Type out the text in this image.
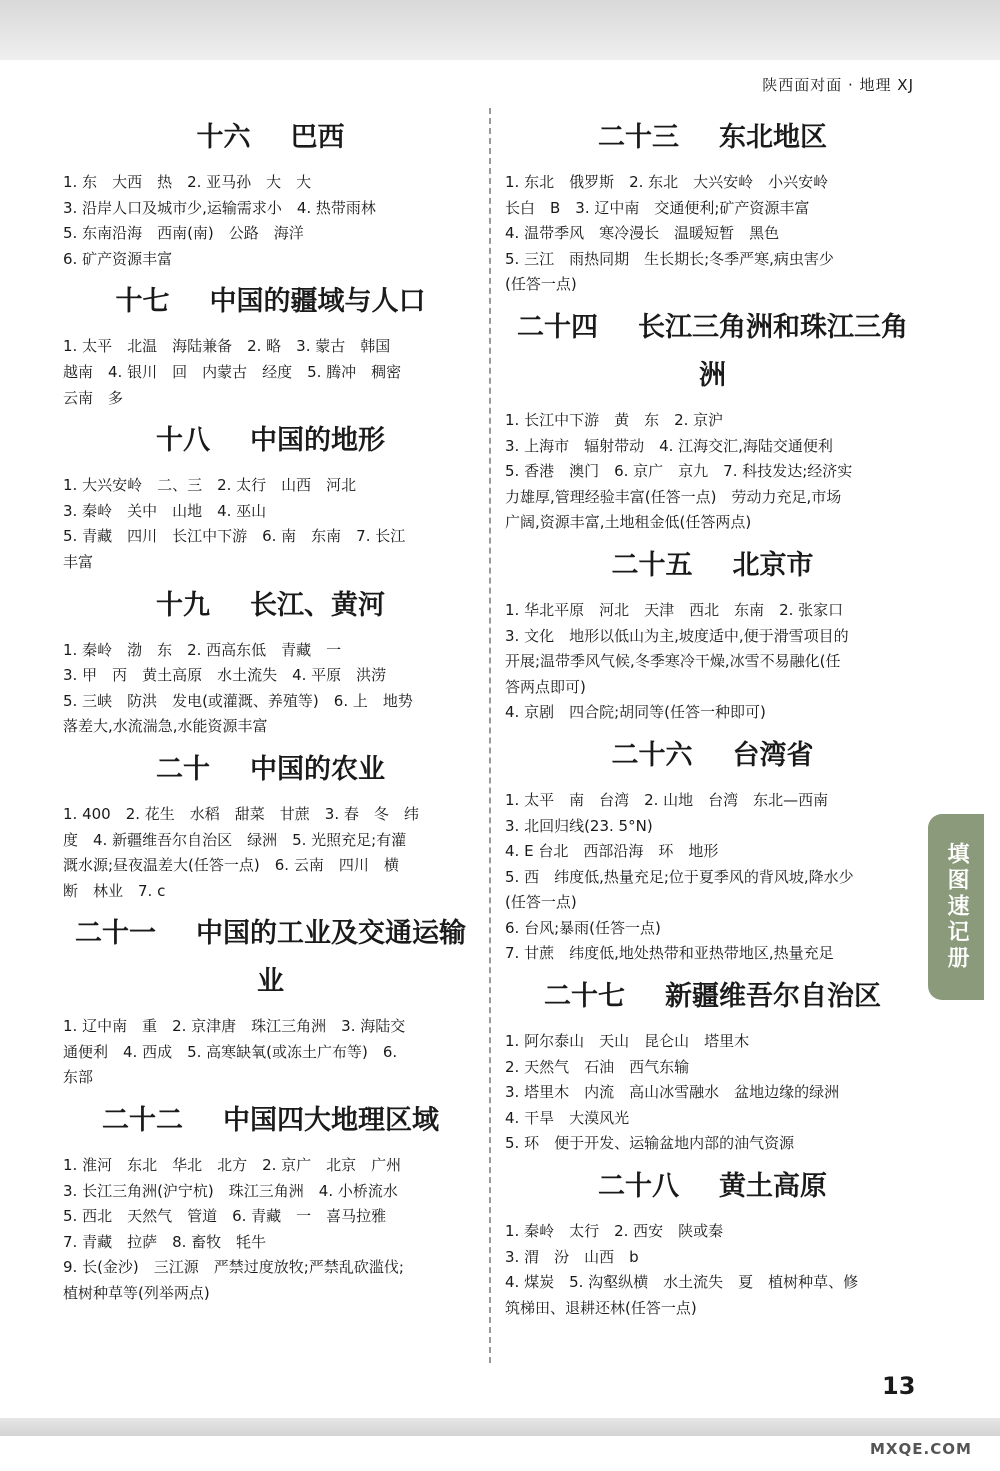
陕西面对面 · 地理 XJ
十六 巴西
1. 东　大西　热　2. 亚马孙　大　大
3. 沿岸人口及城市少,运输需求小　4. 热带雨林
5. 东南沿海　西南(南)　公路　海洋
6. 矿产资源丰富
十七 中国的疆域与人口
1. 太平　北温　海陆兼备　2. 略　3. 蒙古　韩国
越南　4. 银川　回　内蒙古　经度　5. 腾冲　稠密
云南　多
十八 中国的地形
1. 大兴安岭　二、三　2. 太行　山西　河北
3. 秦岭　关中　山地　4. 巫山
5. 青藏　四川　长江中下游　6. 南　东南　7. 长江
丰富
十九 长江、黄河
1. 秦岭　渤　东　2. 西高东低　青藏　一
3. 甲　丙　黄土高原　水土流失　4. 平原　洪涝
5. 三峡　防洪　发电(或灌溉、养殖等)　6. 上　地势
落差大,水流湍急,水能资源丰富
二十 中国的农业
1. 400　2. 花生　水稻　甜菜　甘蔗　3. 春　冬　纬
度　4. 新疆维吾尔自治区　绿洲　5. 光照充足;有灌
溉水源;昼夜温差大(任答一点)　6. 云南　四川　横
断　林业　7. c
二十一 中国的工业及交通运输业
1. 辽中南　重　2. 京津唐　珠江三角洲　3. 海陆交
通便利　4. 西成　5. 高寒缺氧(或冻土广布等)　6.
东部
二十二 中国四大地理区域
1. 淮河　东北　华北　北方　2. 京广　北京　广州
3. 长江三角洲(沪宁杭)　珠江三角洲　4. 小桥流水
5. 西北　天然气　管道　6. 青藏　一　喜马拉雅
7. 青藏　拉萨　8. 畜牧　牦牛
9. 长(金沙)　三江源　严禁过度放牧;严禁乱砍滥伐;
植树种草等(列举两点)
二十三 东北地区
1. 东北　俄罗斯　2. 东北　大兴安岭　小兴安岭
长白　B　3. 辽中南　交通便利;矿产资源丰富
4. 温带季风　寒冷漫长　温暖短暂　黑色
5. 三江　雨热同期　生长期长;冬季严寒,病虫害少
(任答一点)
二十四 长江三角洲和珠江三角洲
1. 长江中下游　黄　东　2. 京沪
3. 上海市　辐射带动　4. 江海交汇,海陆交通便利
5. 香港　澳门　6. 京广　京九　7. 科技发达;经济实
力雄厚,管理经验丰富(任答一点)　劳动力充足,市场
广阔,资源丰富,土地租金低(任答两点)
二十五 北京市
1. 华北平原　河北　天津　西北　东南　2. 张家口
3. 文化　地形以低山为主,坡度适中,便于滑雪项目的
开展;温带季风气候,冬季寒冷干燥,冰雪不易融化(任
答两点即可)
4. 京剧　四合院;胡同等(任答一种即可)
二十六 台湾省
1. 太平　南　台湾　2. 山地　台湾　东北—西南
3. 北回归线(23. 5°N)
4. E 台北　西部沿海　环　地形
5. 西　纬度低,热量充足;位于夏季风的背风坡,降水少
(任答一点)
6. 台风;暴雨(任答一点)
7. 甘蔗　纬度低,地处热带和亚热带地区,热量充足
二十七 新疆维吾尔自治区
1. 阿尔泰山　天山　昆仑山　塔里木
2. 天然气　石油　西气东输
3. 塔里木　内流　高山冰雪融水　盆地边缘的绿洲
4. 干旱　大漠风光
5. 环　便于开发、运输盆地内部的油气资源
二十八 黄土高原
1. 秦岭　太行　2. 西安　陕或秦
3. 渭　汾　山西　b
4. 煤炭　5. 沟壑纵横　水土流失　夏　植树种草、修
筑梯田、退耕还林(任答一点)
填图速记册
13
MXQE.COM
